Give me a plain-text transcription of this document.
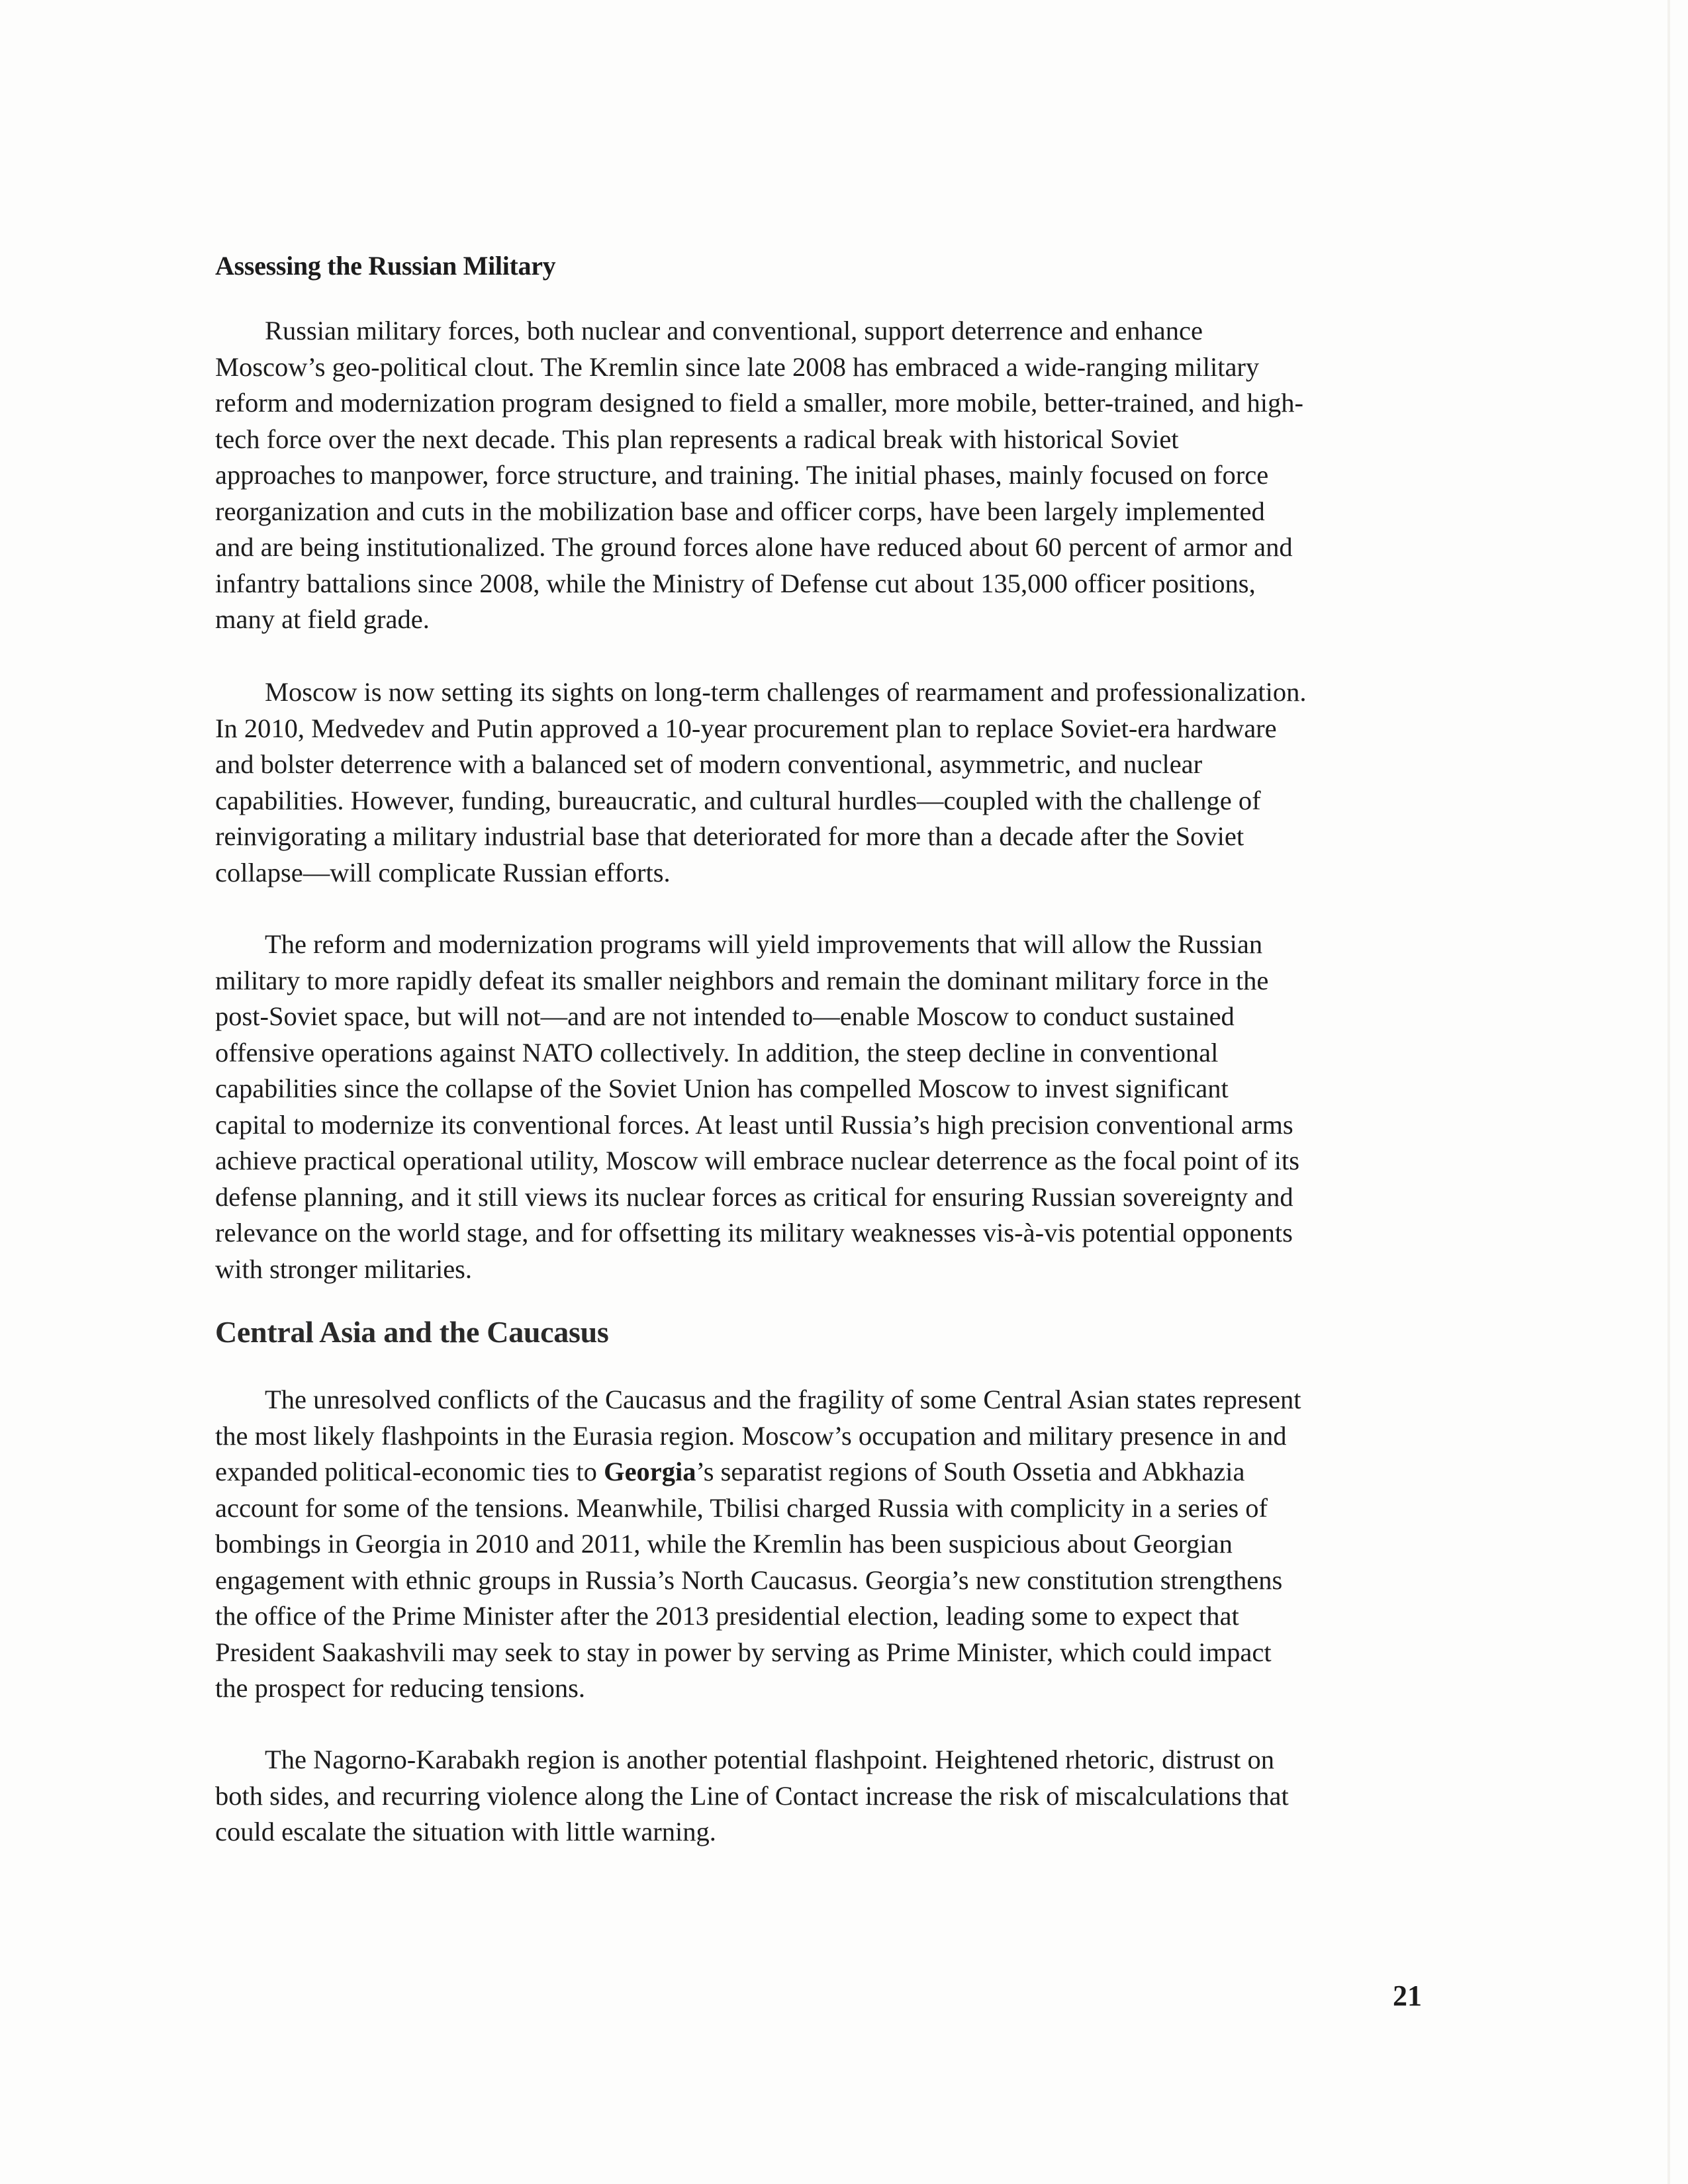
Assessing the Russian Military

Russian military forces, both nuclear and conventional, support deterrence and enhance
Moscow’s geo-political clout. The Kremlin since late 2008 has embraced a wide-ranging military
reform and modernization program designed to field a smaller, more mobile, better-trained, and high-
tech force over the next decade. This plan represents a radical break with historical Soviet
approaches to manpower, force structure, and training. The initial phases, mainly focused on force
reorganization and cuts in the mobilization base and officer corps, have been largely implemented
and are being institutionalized. The ground forces alone have reduced about 60 percent of armor and
infantry battalions since 2008, while the Ministry of Defense cut about 135,000 officer positions,
many at field grade.

Moscow is now setting its sights on long-term challenges of rearmament and professionalization.
In 2010, Medvedev and Putin approved a 10-year procurement plan to replace Soviet-era hardware
and bolster deterrence with a balanced set of modern conventional, asymmetric, and nuclear
capabilities. However, funding, bureaucratic, and cultural hurdles—coupled with the challenge of
reinvigorating a military industrial base that deteriorated for more than a decade after the Soviet
collapse—will complicate Russian efforts.

The reform and modernization programs will yield improvements that will allow the Russian
military to more rapidly defeat its smaller neighbors and remain the dominant military force in the
post-Soviet space, but will not—and are not intended to—enable Moscow to conduct sustained
offensive operations against NATO collectively. In addition, the steep decline in conventional
capabilities since the collapse of the Soviet Union has compelled Moscow to invest significant
capital to modernize its conventional forces. At least until Russia’s high precision conventional arms
achieve practical operational utility, Moscow will embrace nuclear deterrence as the focal point of its
defense planning, and it still views its nuclear forces as critical for ensuring Russian sovereignty and
relevance on the world stage, and for offsetting its military weaknesses vis-à-vis potential opponents
with stronger militaries.

Central Asia and the Caucasus

The unresolved conflicts of the Caucasus and the fragility of some Central Asian states represent
the most likely flashpoints in the Eurasia region. Moscow’s occupation and military presence in and
expanded political-economic ties to Georgia’s separatist regions of South Ossetia and Abkhazia
account for some of the tensions. Meanwhile, Tbilisi charged Russia with complicity in a series of
bombings in Georgia in 2010 and 2011, while the Kremlin has been suspicious about Georgian
engagement with ethnic groups in Russia’s North Caucasus. Georgia’s new constitution strengthens
the office of the Prime Minister after the 2013 presidential election, leading some to expect that
President Saakashvili may seek to stay in power by serving as Prime Minister, which could impact
the prospect for reducing tensions.

The Nagorno-Karabakh region is another potential flashpoint. Heightened rhetoric, distrust on
both sides, and recurring violence along the Line of Contact increase the risk of miscalculations that
could escalate the situation with little warning.

21
